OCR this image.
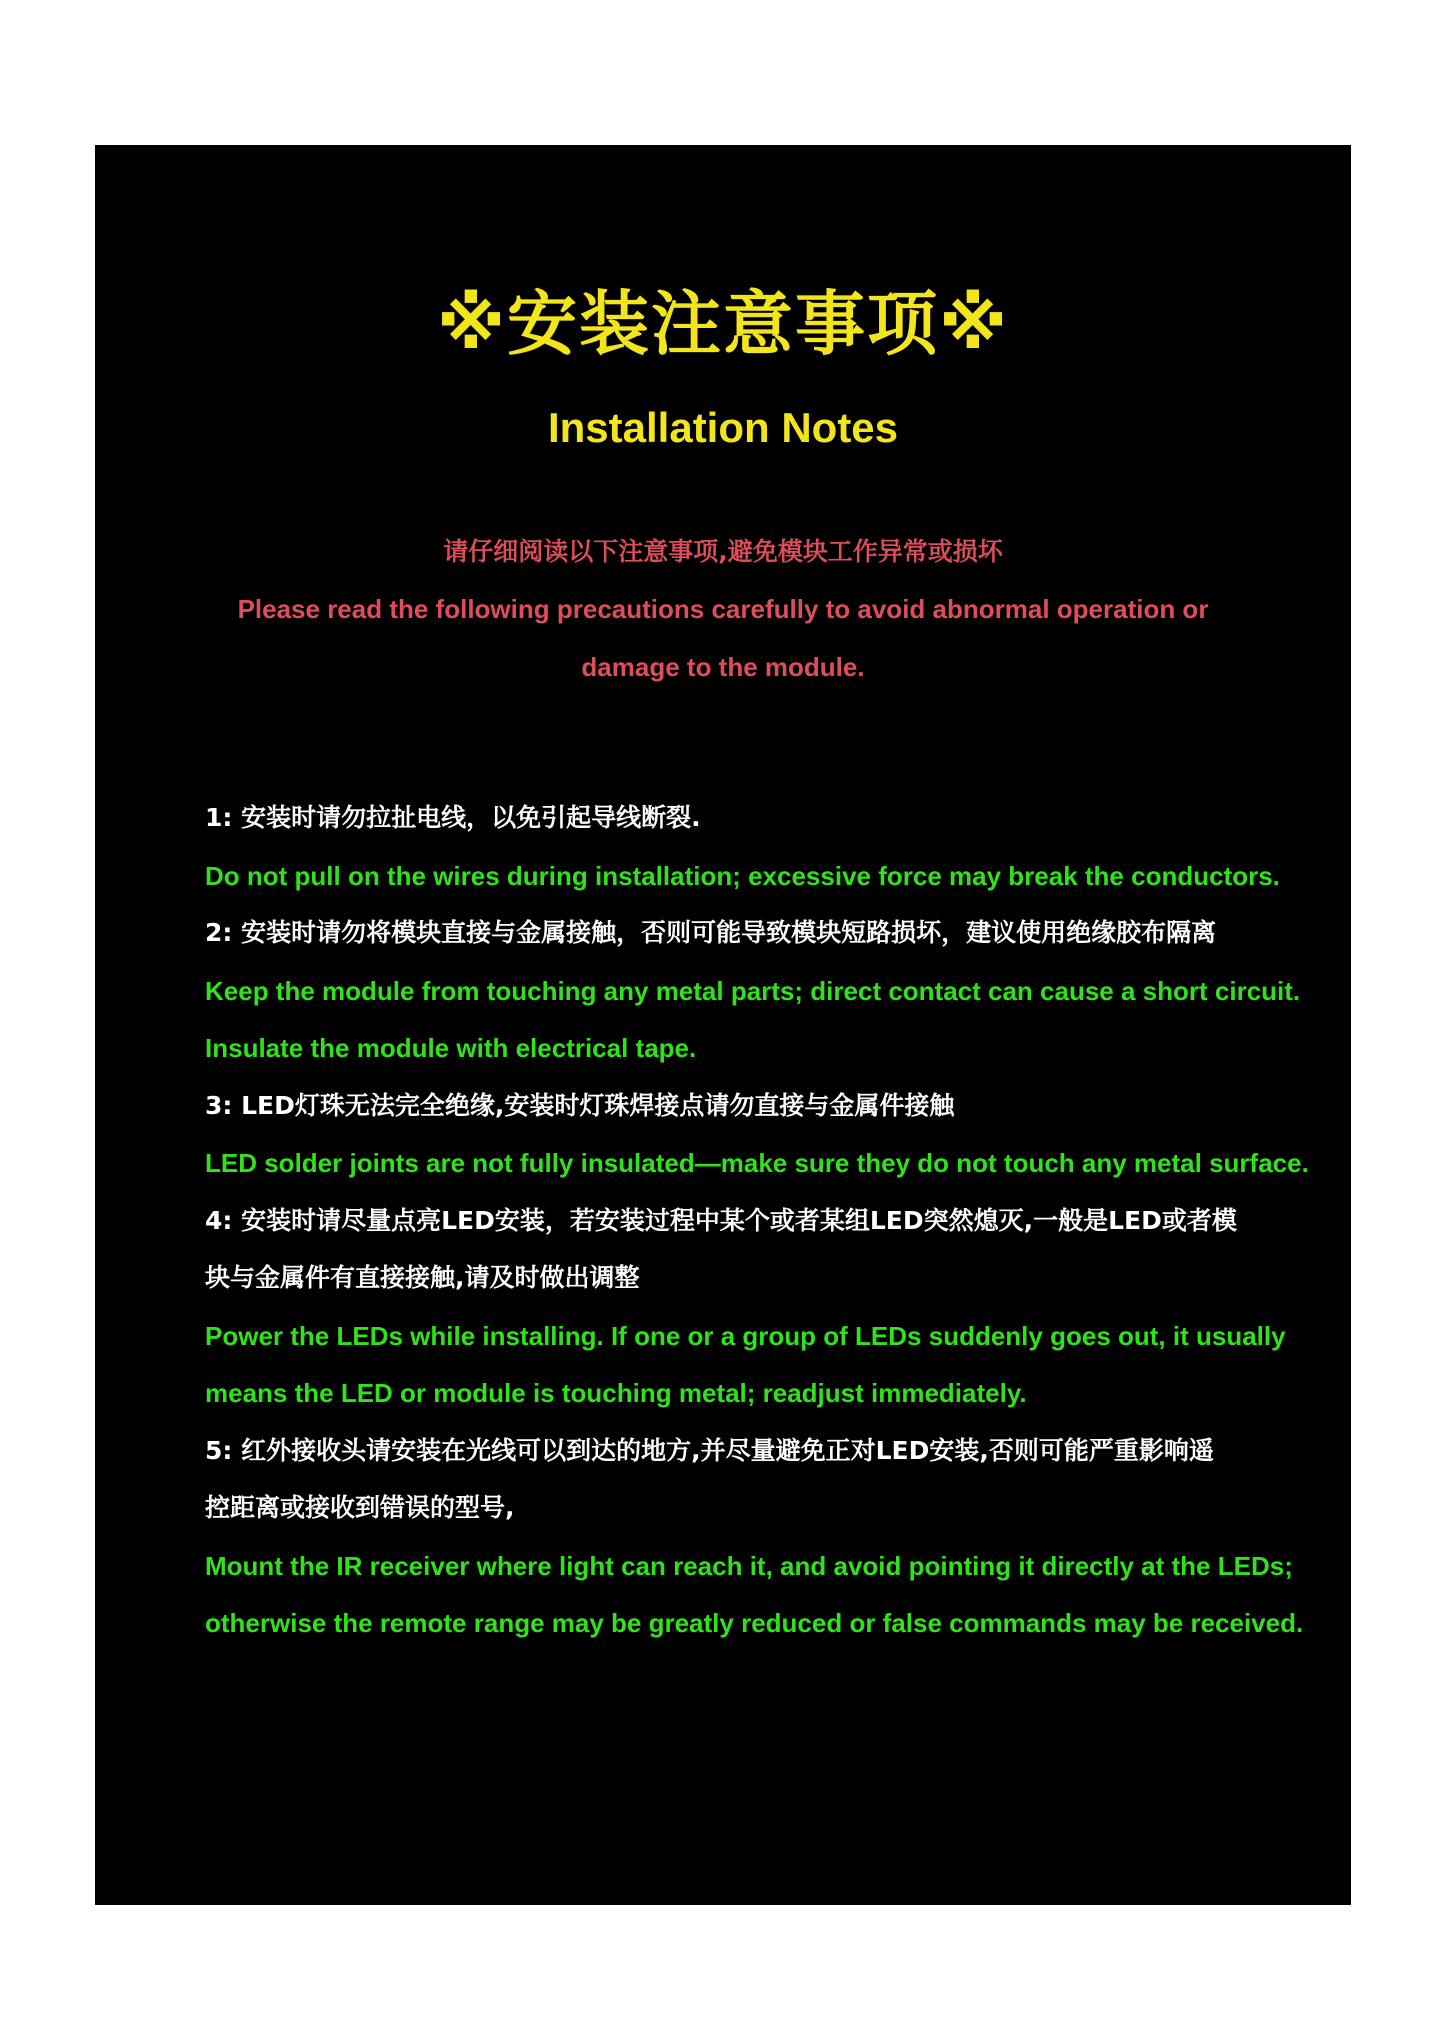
※安装注意事项※
Installation Notes
请仔细阅读以下注意事项,避免模块工作异常或损坏
Please read the following precautions carefully to avoid abnormal operation or
damage to the module.
1: 安装时请勿拉扯电线，以免引起导线断裂.
Do not pull on the wires during installation; excessive force may break the conductors.
2: 安装时请勿将模块直接与金属接触，否则可能导致模块短路损坏，建议使用绝缘胶布隔离
Keep the module from touching any metal parts; direct contact can cause a short circuit.
Insulate the module with electrical tape.
3: LED灯珠无法完全绝缘,安装时灯珠焊接点请勿直接与金属件接触
LED solder joints are not fully insulated—make sure they do not touch any metal surface.
4: 安装时请尽量点亮LED安装，若安装过程中某个或者某组LED突然熄灭,一般是LED或者模
块与金属件有直接接触,请及时做出调整
Power the LEDs while installing. If one or a group of LEDs suddenly goes out, it usually
means the LED or module is touching metal; readjust immediately.
5: 红外接收头请安装在光线可以到达的地方,并尽量避免正对LED安装,否则可能严重影响遥
控距离或接收到错误的型号,
Mount the IR receiver where light can reach it, and avoid pointing it directly at the LEDs;
otherwise the remote range may be greatly reduced or false commands may be received.
